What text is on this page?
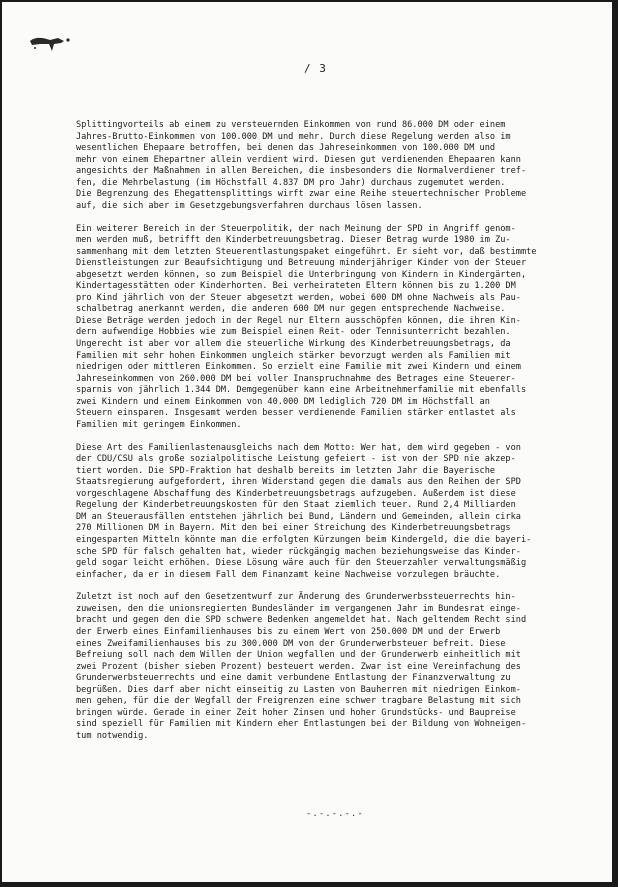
/ 3
Splittingvorteils ab einem zu versteuernden Einkommen von rund 86.000 DM oder einem
Jahres-Brutto-Einkommen von 100.000 DM und mehr. Durch diese Regelung werden also im
wesentlichen Ehepaare betroffen, bei denen das Jahreseinkommen von 100.000 DM und
mehr von einem Ehepartner allein verdient wird. Diesen gut verdienenden Ehepaaren kann
angesichts der Maßnahmen in allen Bereichen, die insbesonders die Normalverdiener tref-
fen, die Mehrbelastung (im Höchstfall 4.837 DM pro Jahr) durchaus zugemutet werden.
Die Begrenzung des Ehegattensplittings wirft zwar eine Reihe steuertechnischer Probleme
auf, die sich aber im Gesetzgebungsverfahren durchaus lösen lassen.
Ein weiterer Bereich in der Steuerpolitik, der nach Meinung der SPD in Angriff genom-
men werden muß, betrifft den Kinderbetreuungsbetrag. Dieser Betrag wurde 1980 im Zu-
sammenhang mit dem letzten Steuerentlastungspaket eingeführt. Er sieht vor, daß bestimmte
Dienstleistungen zur Beaufsichtigung und Betreuung minderjähriger Kinder von der Steuer
abgesetzt werden können, so zum Beispiel die Unterbringung von Kindern in Kindergärten,
Kindertagesstätten oder Kinderhorten. Bei verheirateten Eltern können bis zu 1.200 DM
pro Kind jährlich von der Steuer abgesetzt werden, wobei 600 DM ohne Nachweis als Pau-
schalbetrag anerkannt werden, die anderen 600 DM nur gegen entsprechende Nachweise.
Diese Beträge werden jedoch in der Regel nur Eltern ausschöpfen können, die ihren Kin-
dern aufwendige Hobbies wie zum Beispiel einen Reit- oder Tennisunterricht bezahlen.
Ungerecht ist aber vor allem die steuerliche Wirkung des Kinderbetreuungsbetrags, da
Familien mit sehr hohen Einkommen ungleich stärker bevorzugt werden als Familien mit
niedrigen oder mittleren Einkommen. So erzielt eine Familie mit zwei Kindern und einem
Jahreseinkommen von 260.000 DM bei voller Inanspruchnahme des Betrages eine Steuerer-
sparnis von jährlich 1.344 DM. Demgegenüber kann eine Arbeitnehmerfamilie mit ebenfalls
zwei Kindern und einem Einkommen von 40.000 DM lediglich 720 DM im Höchstfall an
Steuern einsparen. Insgesamt werden besser verdienende Familien stärker entlastet als
Familien mit geringem Einkommen.
Diese Art des Familienlastenausgleichs nach dem Motto: Wer hat, dem wird gegeben - von
der CDU/CSU als große sozialpolitische Leistung gefeiert - ist von der SPD nie akzep-
tiert worden. Die SPD-Fraktion hat deshalb bereits im letzten Jahr die Bayerische
Staatsregierung aufgefordert, ihren Widerstand gegen die damals aus den Reihen der SPD
vorgeschlagene Abschaffung des Kinderbetreuungsbetrags aufzugeben. Außerdem ist diese
Regelung der Kinderbetreuungskosten für den Staat ziemlich teuer. Rund 2,4 Milliarden
DM an Steuerausfällen entstehen jährlich bei Bund, Ländern und Gemeinden, allein cirka
270 Millionen DM in Bayern. Mit den bei einer Streichung des Kinderbetreuungsbetrags
eingesparten Mitteln könnte man die erfolgten Kürzungen beim Kindergeld, die die bayeri-
sche SPD für falsch gehalten hat, wieder rückgängig machen beziehungsweise das Kinder-
geld sogar leicht erhöhen. Diese Lösung wäre auch für den Steuerzahler verwaltungsmäßig
einfacher, da er in diesem Fall dem Finanzamt keine Nachweise vorzulegen bräuchte.
Zuletzt ist noch auf den Gesetzentwurf zur Änderung des Grunderwerbssteuerrechts hin-
zuweisen, den die unionsregierten Bundesländer im vergangenen Jahr im Bundesrat einge-
bracht und gegen den die SPD schwere Bedenken angemeldet hat. Nach geltendem Recht sind
der Erwerb eines Einfamilienhauses bis zu einem Wert von 250.000 DM und der Erwerb
eines Zweifamilienhauses bis zu 300.000 DM von der Grunderwerbsteuer befreit. Diese
Befreiung soll nach dem Willen der Union wegfallen und der Grunderwerb einheitlich mit
zwei Prozent (bisher sieben Prozent) besteuert werden. Zwar ist eine Vereinfachung des
Grunderwerbsteuerrechts und eine damit verbundene Entlastung der Finanzverwaltung zu
begrüßen. Dies darf aber nicht einseitig zu Lasten von Bauherren mit niedrigen Einkom-
men gehen, für die der Wegfall der Freigrenzen eine schwer tragbare Belastung mit sich
bringen würde. Gerade in einer Zeit hoher Zinsen und hoher Grundstücks- und Baupreise
sind speziell für Familien mit Kindern eher Entlastungen bei der Bildung von Wohneigen-
tum notwendig.
-.-.-.-.-
